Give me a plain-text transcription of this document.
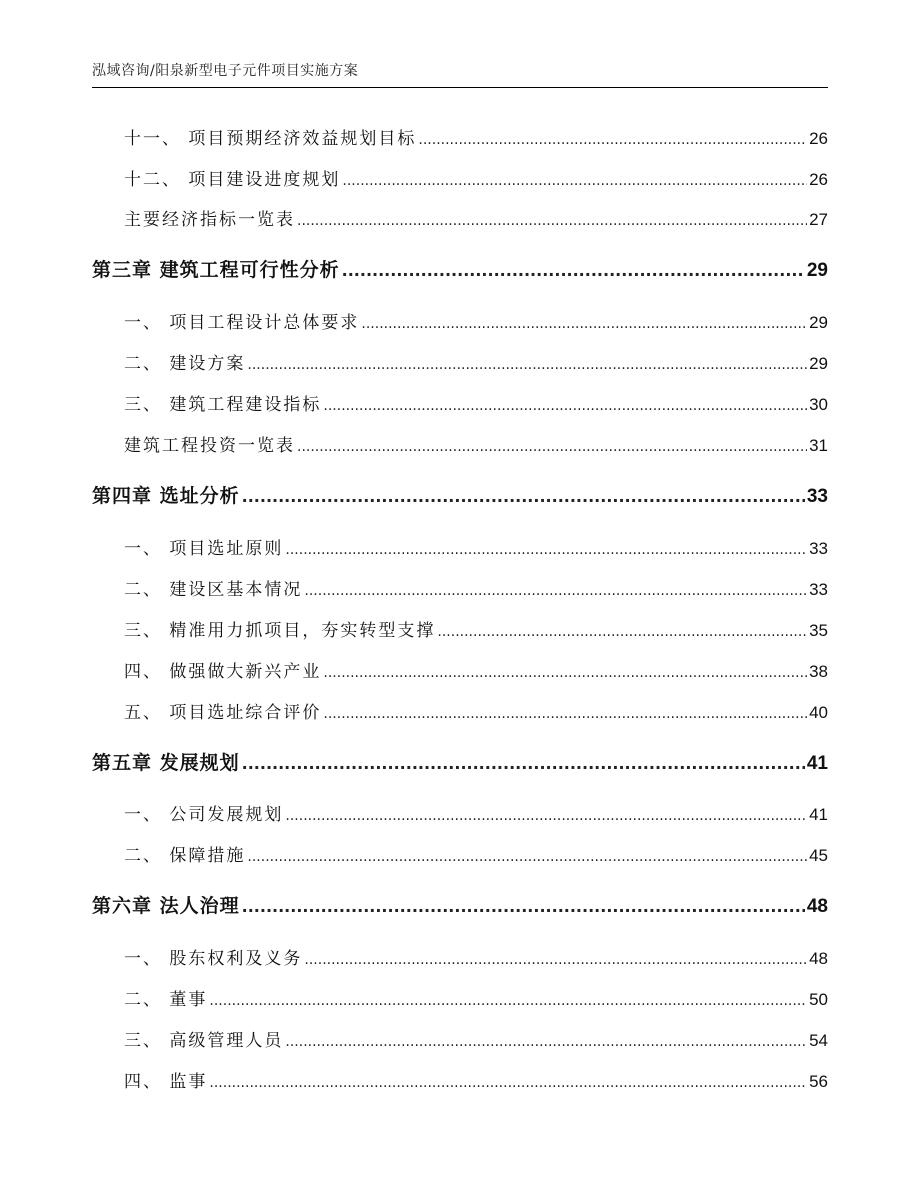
泓域咨询/阳泉新型电子元件项目实施方案
十一、 项目预期经济效益规划目标 .....	26
十二、 项目建设进度规划 .....	26
主要经济指标一览表 .....	27
第三章 建筑工程可行性分析 .....	29
一、 项目工程设计总体要求 .....	29
二、 建设方案 .....	29
三、 建筑工程建设指标 .....	30
建筑工程投资一览表 .....	31
第四章 选址分析 .....	33
一、 项目选址原则 .....	33
二、 建设区基本情况 .....	33
三、 精准用力抓项目，夯实转型支撑 .....	35
四、 做强做大新兴产业 .....	38
五、 项目选址综合评价 .....	40
第五章 发展规划 .....	41
一、 公司发展规划 .....	41
二、 保障措施 .....	45
第六章 法人治理 .....	48
一、 股东权利及义务 .....	48
二、 董事 .....	50
三、 高级管理人员 .....	54
四、 监事 .....	56
